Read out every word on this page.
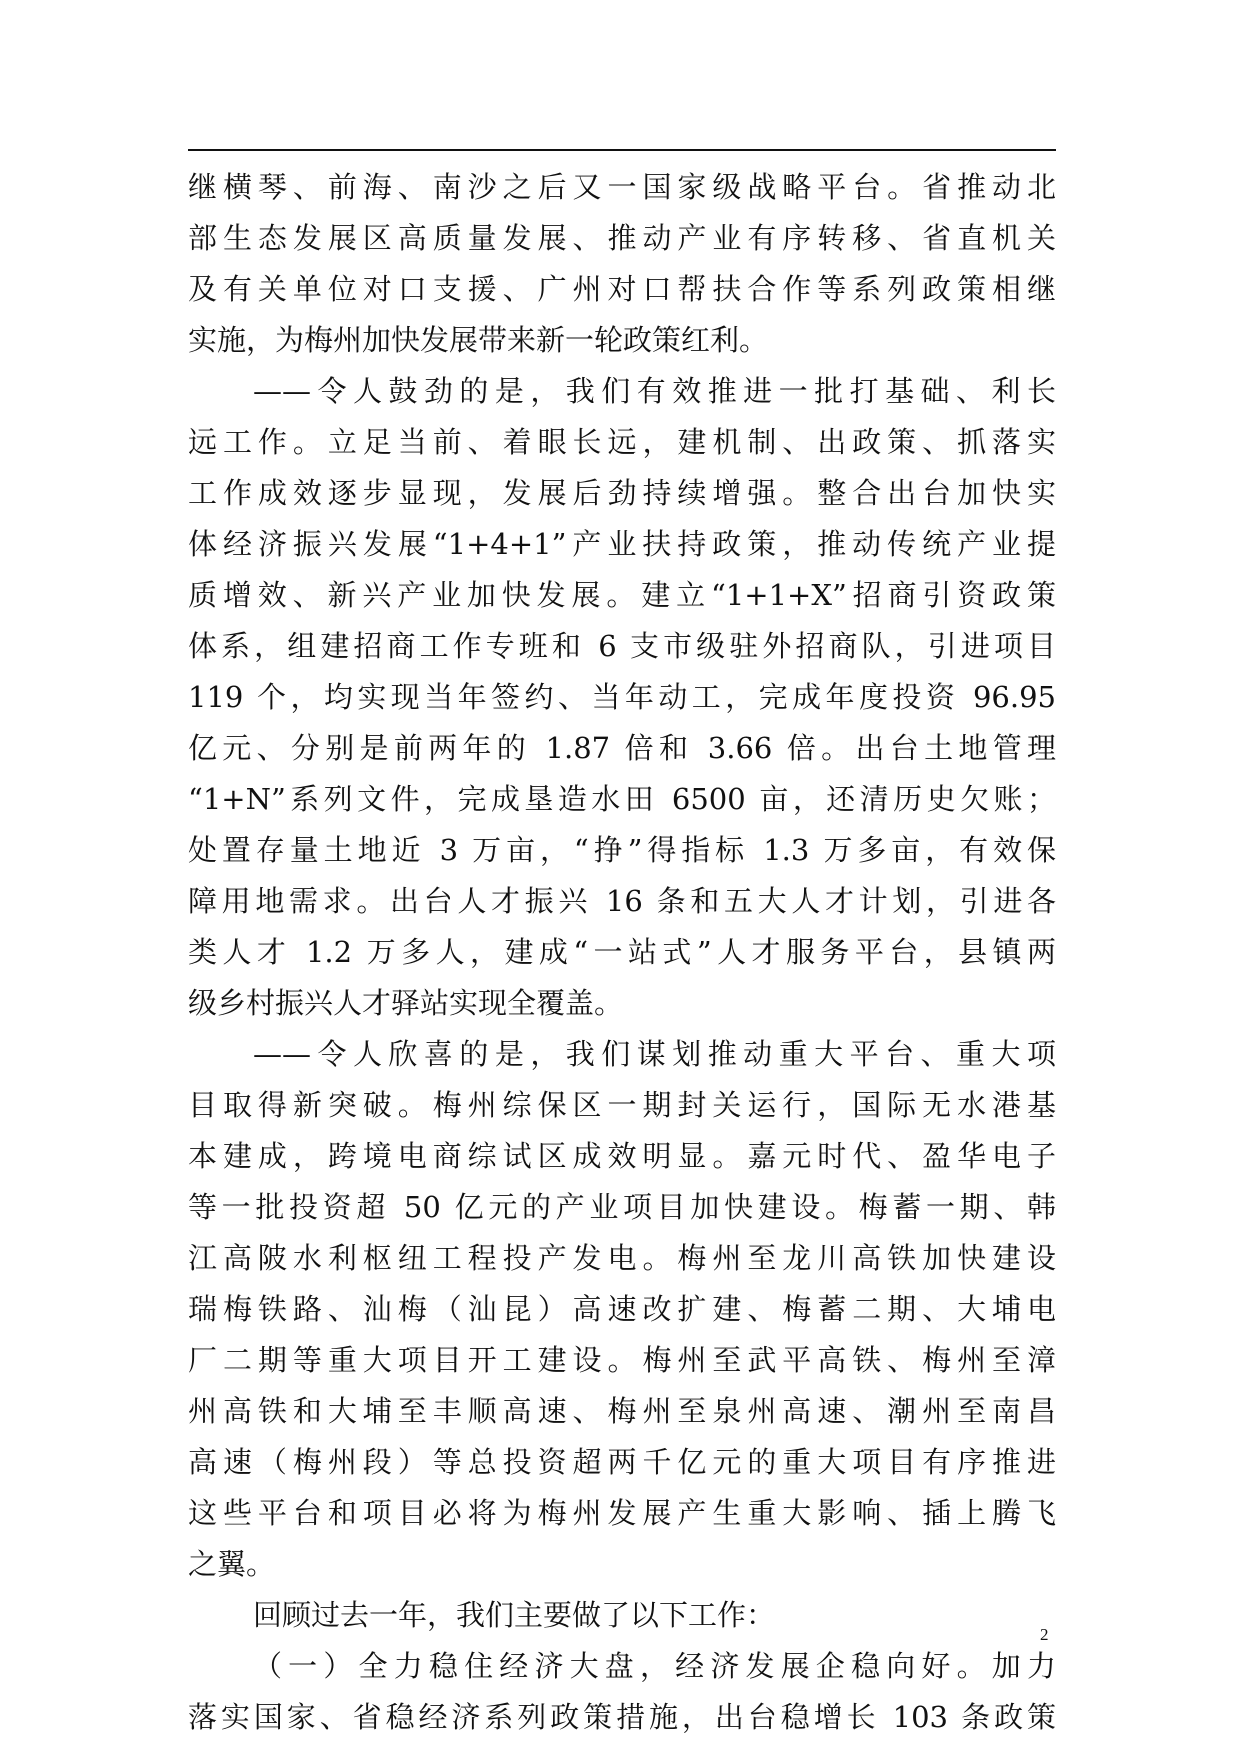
继横琴、前海、南沙之后又一国家级战略平台。省推动北
部生态发展区高质量发展、推动产业有序转移、省直机关
及有关单位对口支援、广州对口帮扶合作等系列政策相继
实施，为梅州加快发展带来新一轮政策红利。
——令人鼓劲的是，我们有效推进一批打基础、利长
远工作。立足当前、着眼长远，建机制、出政策、抓落实
工作成效逐步显现，发展后劲持续增强。整合出台加快实
体经济振兴发展“1+4+1”产业扶持政策，推动传统产业提
质增效、新兴产业加快发展。建立“1+1+X”招商引资政策
体系，组建招商工作专班和 6 支市级驻外招商队，引进项目
119 个，均实现当年签约、当年动工，完成年度投资 96.95
亿元、分别是前两年的 1.87 倍和 3.66 倍。出台土地管理
“1+N”系列文件，完成垦造水田 6500 亩，还清历史欠账；
处置存量土地近 3 万亩，“挣”得指标 1.3 万多亩，有效保
障用地需求。出台人才振兴 16 条和五大人才计划，引进各
类人才 1.2 万多人，建成“一站式”人才服务平台，县镇两
级乡村振兴人才驿站实现全覆盖。
——令人欣喜的是，我们谋划推动重大平台、重大项
目取得新突破。梅州综保区一期封关运行，国际无水港基
本建成，跨境电商综试区成效明显。嘉元时代、盈华电子
等一批投资超 50 亿元的产业项目加快建设。梅蓄一期、韩
江高陂水利枢纽工程投产发电。梅州至龙川高铁加快建设
瑞梅铁路、汕梅（汕昆）高速改扩建、梅蓄二期、大埔电
厂二期等重大项目开工建设。梅州至武平高铁、梅州至漳
州高铁和大埔至丰顺高速、梅州至泉州高速、潮州至南昌
高速（梅州段）等总投资超两千亿元的重大项目有序推进
这些平台和项目必将为梅州发展产生重大影响、插上腾飞
之翼。
回顾过去一年，我们主要做了以下工作：
（一）全力稳住经济大盘，经济发展企稳向好。加力
落实国家、省稳经济系列政策措施，出台稳增长 103 条政策
2
